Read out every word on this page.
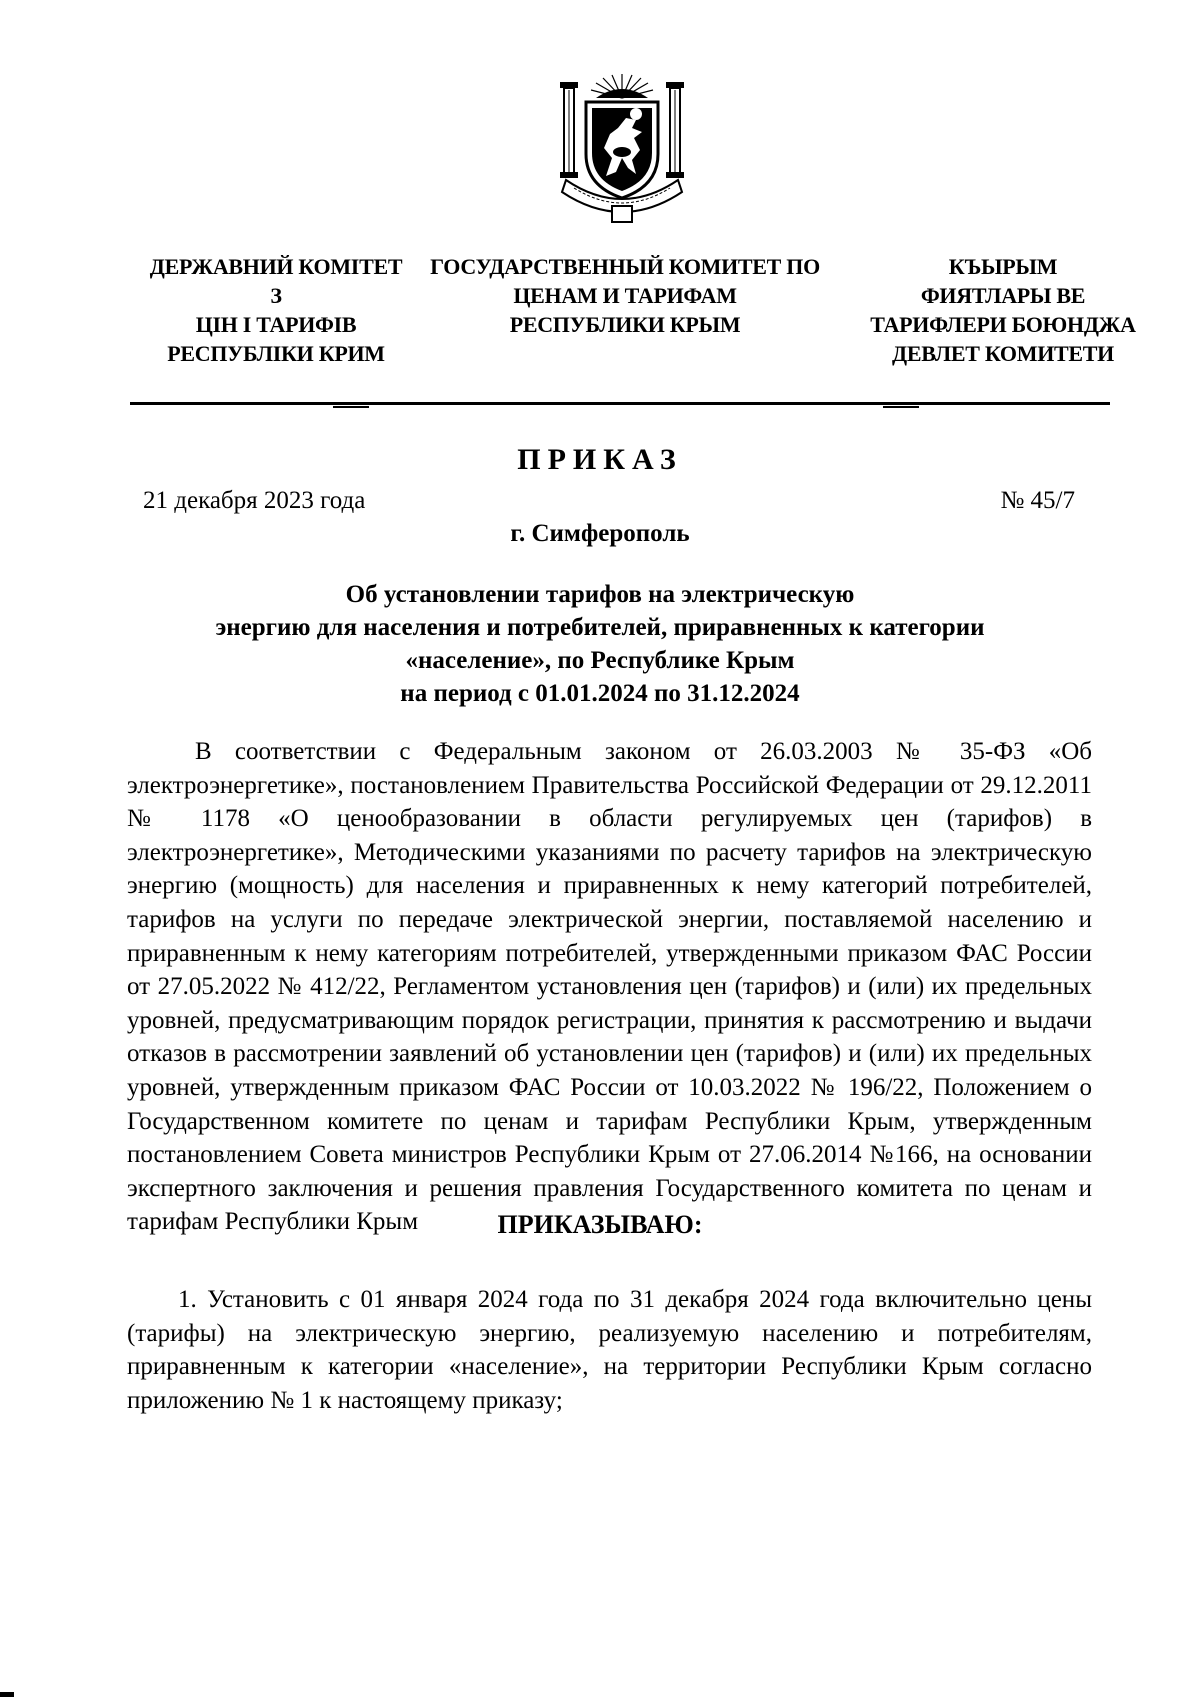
ДЕРЖАВНИЙ КОМІТЕТ
З
ЦІН І ТАРИФІВ
РЕСПУБЛІКИ КРИМ
ГОСУДАРСТВЕННЫЙ КОМИТЕТ ПО
ЦЕНАМ И ТАРИФАМ
РЕСПУБЛИКИ КРЫМ
КЪЫРЫМ
ФИЯТЛАРЫ ВЕ
ТАРИФЛЕРИ БОЮНДЖА
ДЕВЛЕТ КОМИТЕТИ
ПРИКАЗ
21 декабря 2023 года	№ 45/7
г. Симферополь
Об установлении тарифов на электрическую
энергию для населения и потребителей, приравненных к категории
«население», по Республике Крым
на период с 01.01.2024 по 31.12.2024

В соответствии с Федеральным законом от 26.03.2003 № 35-ФЗ «Об электроэнергетике», постановлением Правительства Российской Федерации от 29.12.2011 № 1178 «О ценообразовании в области регулируемых цен (тарифов) в электроэнергетике», Методическими указаниями по расчету тарифов на электрическую энергию (мощность) для населения и приравненных к нему категорий потребителей, тарифов на услуги по передаче электрической энергии, поставляемой населению и приравненным к нему категориям потребителей, утвержденными приказом ФАС России от 27.05.2022 № 412/22, Регламентом установления цен (тарифов) и (или) их предельных уровней, предусматривающим порядок регистрации, принятия к рассмотрению и выдачи отказов в рассмотрении заявлений об установлении цен (тарифов) и (или) их предельных уровней, утвержденным приказом ФАС России от 10.03.2022 № 196/22, Положением о Государственном комитете по ценам и тарифам Республики Крым, утвержденным постановлением Совета министров Республики Крым от 27.06.2014 №166, на основании экспертного заключения и решения правления Государственного комитета по ценам и тарифам Республики Крым	ПРИКАЗЫВАЮ:

1. Установить с 01 января 2024 года по 31 декабря 2024 года включительно цены (тарифы) на электрическую энергию, реализуемую населению и потребителям, приравненным к категории «население», на территории Республики Крым согласно приложению № 1 к настоящему приказу;
